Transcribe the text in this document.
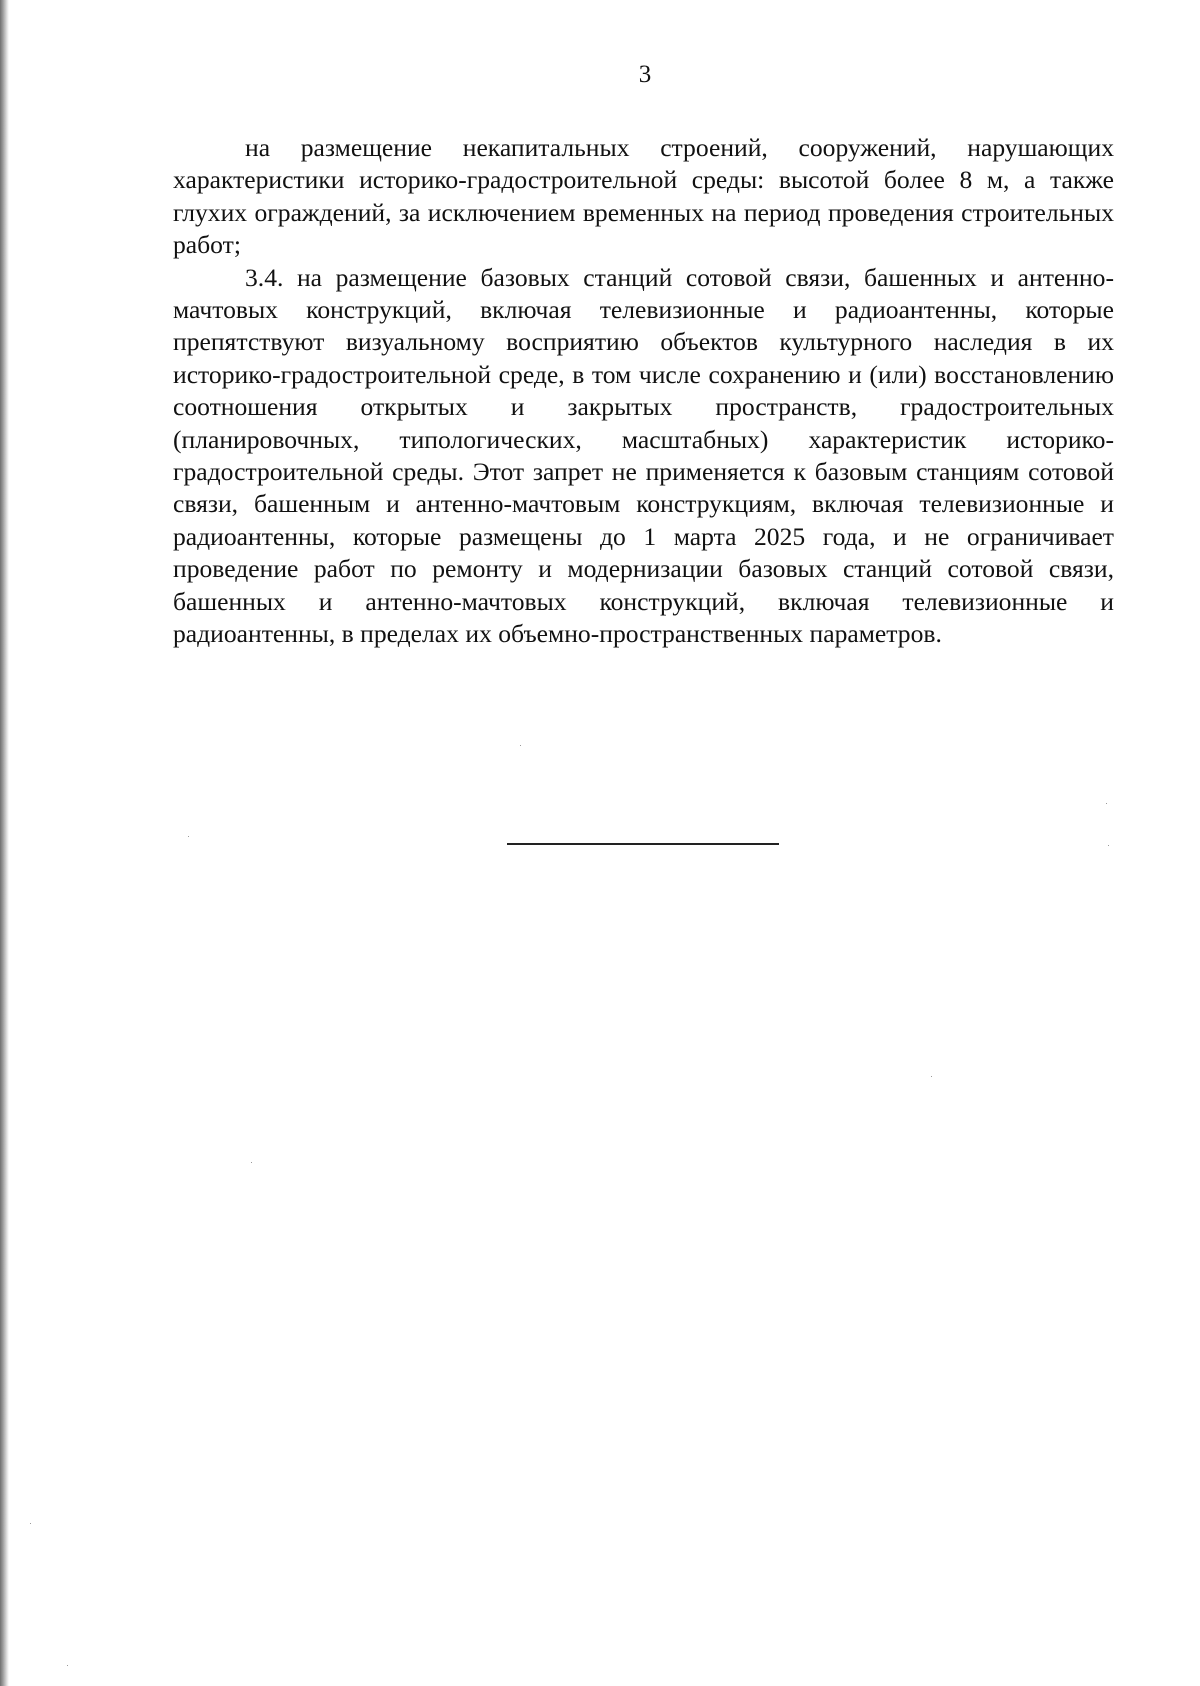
3

на размещение некапитальных строений, сооружений, нарушающих характеристики историко-градостроительной среды: высотой более 8 м, а также глухих ограждений, за исключением временных на период проведения строительных работ;

3.4. на размещение базовых станций сотовой связи, башенных и антенно-мачтовых конструкций, включая телевизионные и радиоантенны, которые препятствуют визуальному восприятию объектов культурного наследия в их историко-градостроительной среде, в том числе сохранению и (или) восстановлению соотношения открытых и закрытых пространств, градостроительных (планировочных, типологических, масштабных) характеристик историко-градостроительной среды. Этот запрет не применяется к базовым станциям сотовой связи, башенным и антенно-мачтовым конструкциям, включая телевизионные и радиоантенны, которые размещены до 1 марта 2025 года, и не ограничивает проведение работ по ремонту и модернизации базовых станций сотовой связи, башенных и антенно-мачтовых конструкций, включая телевизионные и радиоантенны, в пределах их объемно-пространственных параметров.
